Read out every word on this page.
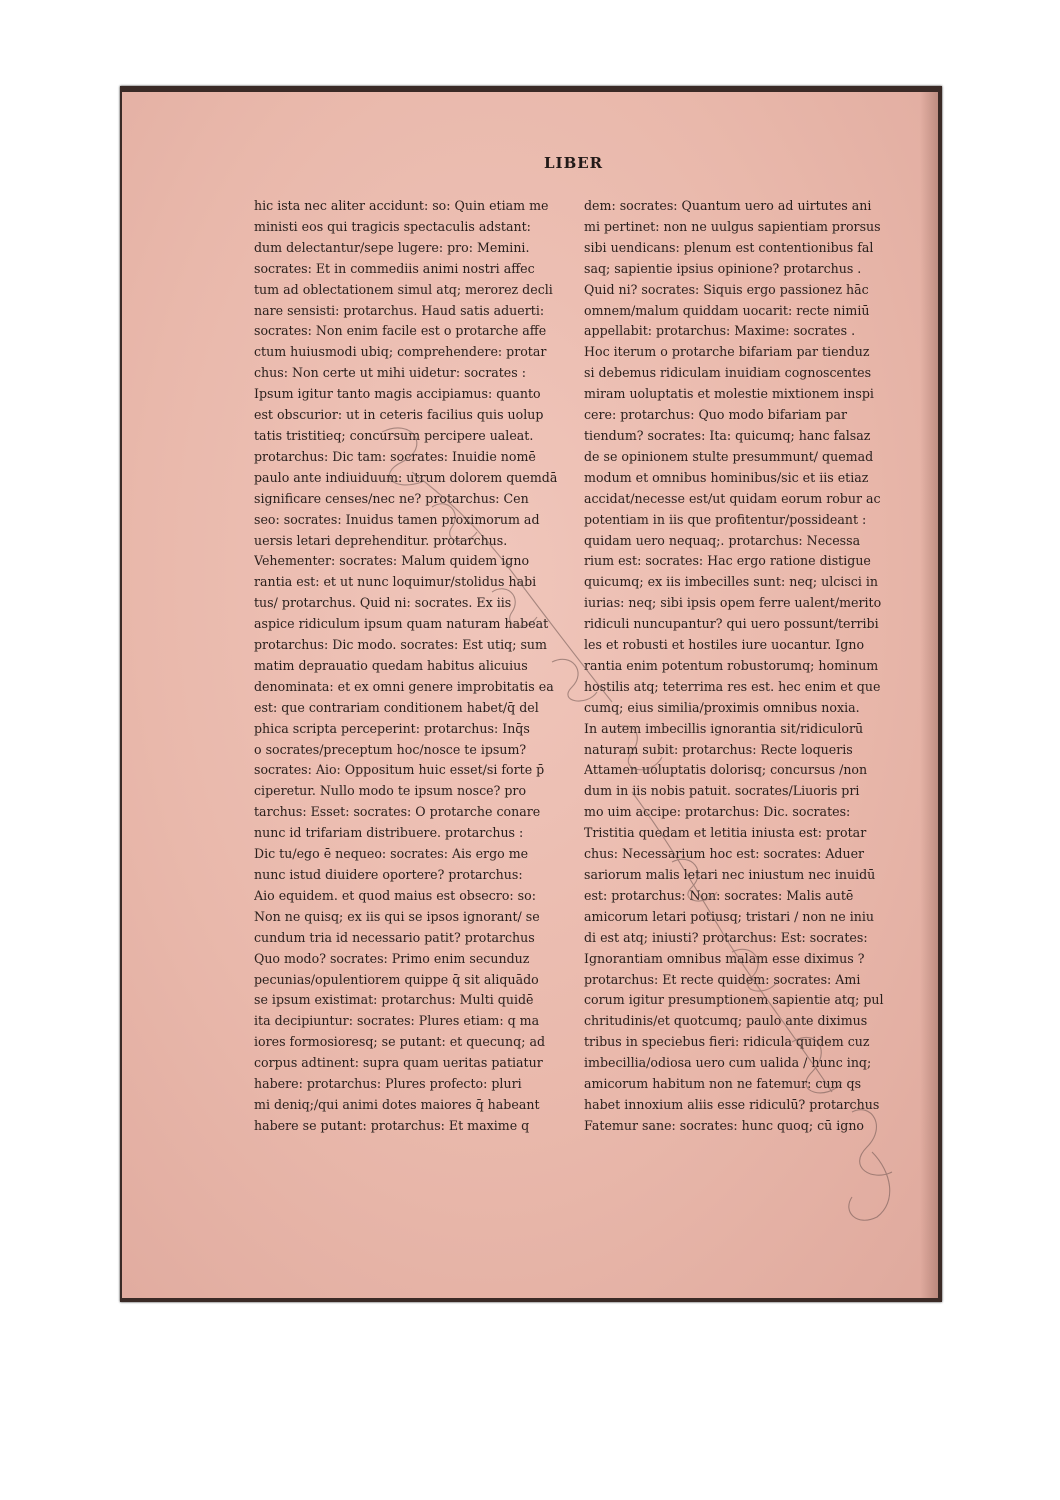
LIBER
hic ista nec aliter accidunt: so: Quin etiam me
ministi eos qui tragicis spectaculis adstant:
dum delectantur/sepe lugere: pro: Memini.
socrates: Et in commediis animi nostri affec
tum ad oblectationem simul atq; merorez decli
nare sensisti: protarchus. Haud satis aduerti:
socrates: Non enim facile est o protarche affe
ctum huiusmodi ubiq; comprehendere: protar
chus: Non certe ut mihi uidetur: socrates :
Ipsum igitur tanto magis accipiamus: quanto
est obscurior: ut in ceteris facilius quis uolup
tatis tristitieq; concursum percipere ualeat.
protarchus: Dic tam: socrates: Inuidie nomē
paulo ante indiuiduum: utrum dolorem quemdā
significare censes/nec ne? protarchus: Cen
seo: socrates: Inuidus tamen proximorum ad
uersis letari deprehenditur. protarchus.
Vehementer: socrates: Malum quidem igno
rantia est: et ut nunc loquimur/stolidus habi
tus/ protarchus. Quid ni: socrates. Ex iis
aspice ridiculum ipsum quam naturam habeat
protarchus: Dic modo. socrates: Est utiq; sum
matim deprauatio quedam habitus alicuius
denominata: et ex omni genere improbitatis ea
est: que contrariam conditionem habet/q̄ del
phica scripta perceperint: protarchus: Inq̄s
o socrates/preceptum hoc/nosce te ipsum?
socrates: Aio: Oppositum huic esset/si forte p̄
ciperetur. Nullo modo te ipsum nosce? pro
tarchus: Esset: socrates: O protarche conare
nunc id trifariam distribuere. protarchus :
Dic tu/ego ē nequeo: socrates: Ais ergo me
nunc istud diuidere oportere? protarchus:
Aio equidem. et quod maius est obsecro: so:
Non ne quisq; ex iis qui se ipsos ignorant/ se
cundum tria id necessario patit? protarchus
Quo modo? socrates: Primo enim secunduz
pecunias/opulentiorem quippe q̄ sit aliquādo
se ipsum existimat: protarchus: Multi quidē
ita decipiuntur: socrates: Plures etiam: q ma
iores formosioresq; se putant: et quecunq; ad
corpus adtinent: supra quam ueritas patiatur
habere: protarchus: Plures profecto: pluri
mi deniq;/qui animi dotes maiores q̄ habeant
habere se putant: protarchus: Et maxime q
dem: socrates: Quantum uero ad uirtutes ani
mi pertinet: non ne uulgus sapientiam prorsus
sibi uendicans: plenum est contentionibus fal
saq; sapientie ipsius opinione? protarchus .
Quid ni? socrates: Siquis ergo passionez hāc
omnem/malum quiddam uocarit: recte nimiū
appellabit: protarchus: Maxime: socrates .
Hoc iterum o protarche bifariam par tienduz
si debemus ridiculam inuidiam cognoscentes
miram uoluptatis et molestie mixtionem inspi
cere: protarchus: Quo modo bifariam par
tiendum? socrates: Ita: quicumq; hanc falsaz
de se opinionem stulte presummunt/ quemad
modum et omnibus hominibus/sic et iis etiaz
accidat/necesse est/ut quidam eorum robur ac
potentiam in iis que profitentur/possideant :
quidam uero nequaq;. protarchus: Necessa
rium est: socrates: Hac ergo ratione distigue
quicumq; ex iis imbecilles sunt: neq; ulcisci in
iurias: neq; sibi ipsis opem ferre ualent/merito
ridiculi nuncupantur? qui uero possunt/terribi
les et robusti et hostiles iure uocantur. Igno
rantia enim potentum robustorumq; hominum
hostilis atq; teterrima res est. hec enim et que
cumq; eius similia/proximis omnibus noxia.
In autem imbecillis ignorantia sit/ridiculorū
naturam subit: protarchus: Recte loqueris
Attamen uoluptatis dolorisq; concursus /non
dum in iis nobis patuit. socrates/Liuoris pri
mo uim accipe: protarchus: Dic. socrates:
Tristitia quedam et letitia iniusta est: protar
chus: Necessarium hoc est: socrates: Aduer
sariorum malis letari nec iniustum nec inuidū
est: protarchus: Non: socrates: Malis autē
amicorum letari potiusq; tristari / non ne iniu
di est atq; iniusti? protarchus: Est: socrates:
Ignorantiam omnibus malam esse diximus ?
protarchus: Et recte quidem: socrates: Ami
corum igitur presumptionem sapientie atq; pul
chritudinis/et quotcumq; paulo ante diximus
tribus in speciebus fieri: ridicula quidem cuz
imbecillia/odiosa uero cum ualida / hunc inq;
amicorum habitum non ne fatemur: cum qs
habet innoxium aliis esse ridiculū? protarchus
Fatemur sane: socrates: hunc quoq; cū igno
